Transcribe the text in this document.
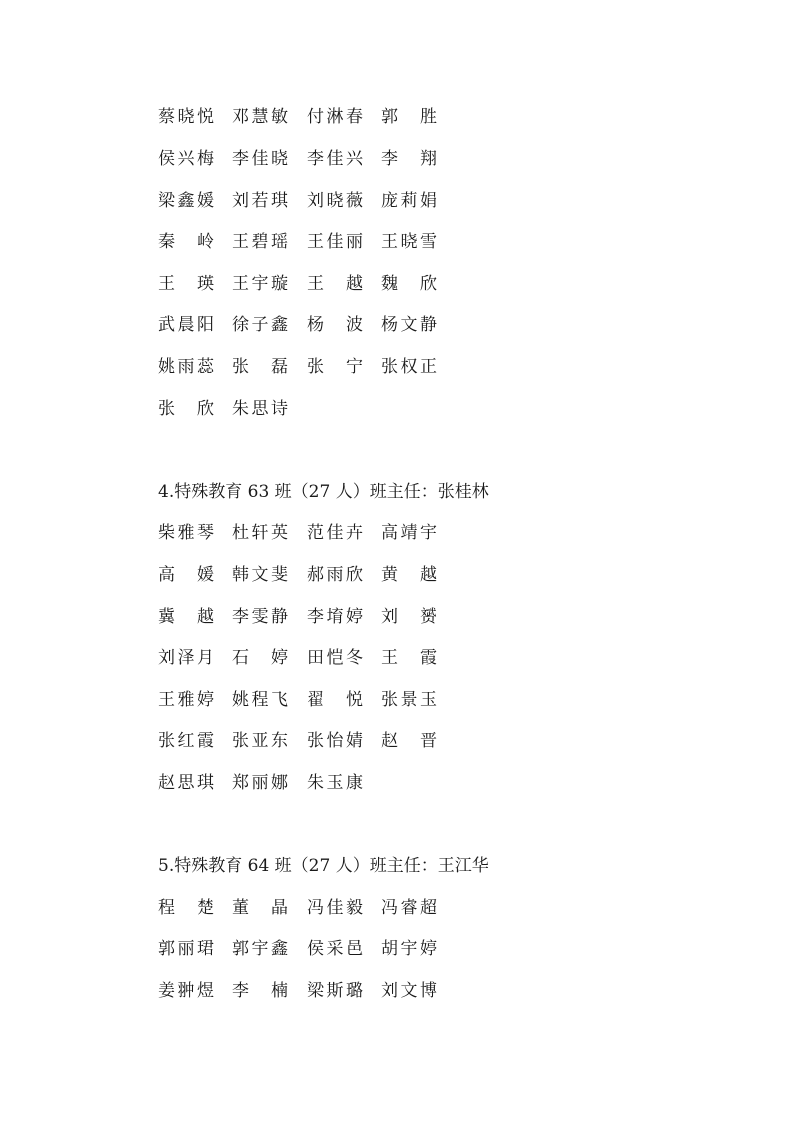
蔡晓悦 邓慧敏 付淋春 郭　胜
侯兴梅 李佳晓 李佳兴 李　翔
梁鑫媛 刘若琪 刘晓薇 庞莉娟
秦　岭 王碧瑶 王佳丽 王晓雪
王　瑛 王宇璇 王　越 魏　欣
武晨阳 徐子鑫 杨　波 杨文静
姚雨蕊 张　磊 张　宁 张权正
张　欣 朱思诗
4.特殊教育 63 班（27 人）班主任：张桂林
柴雅琴 杜轩英 范佳卉 高靖宇
高　媛 韩文斐 郝雨欣 黄　越
冀　越 李雯静 李堉婷 刘　赟
刘泽月 石　婷 田恺冬 王　霞
王雅婷 姚程飞 翟　悦 张景玉
张红霞 张亚东 张怡婧 赵　晋
赵思琪 郑丽娜 朱玉康
5.特殊教育 64 班（27 人）班主任：王江华
程　楚 董　晶 冯佳毅 冯睿超
郭丽珺 郭宇鑫 侯采邑 胡宇婷
姜翀煜 李　楠 梁斯璐 刘文博
